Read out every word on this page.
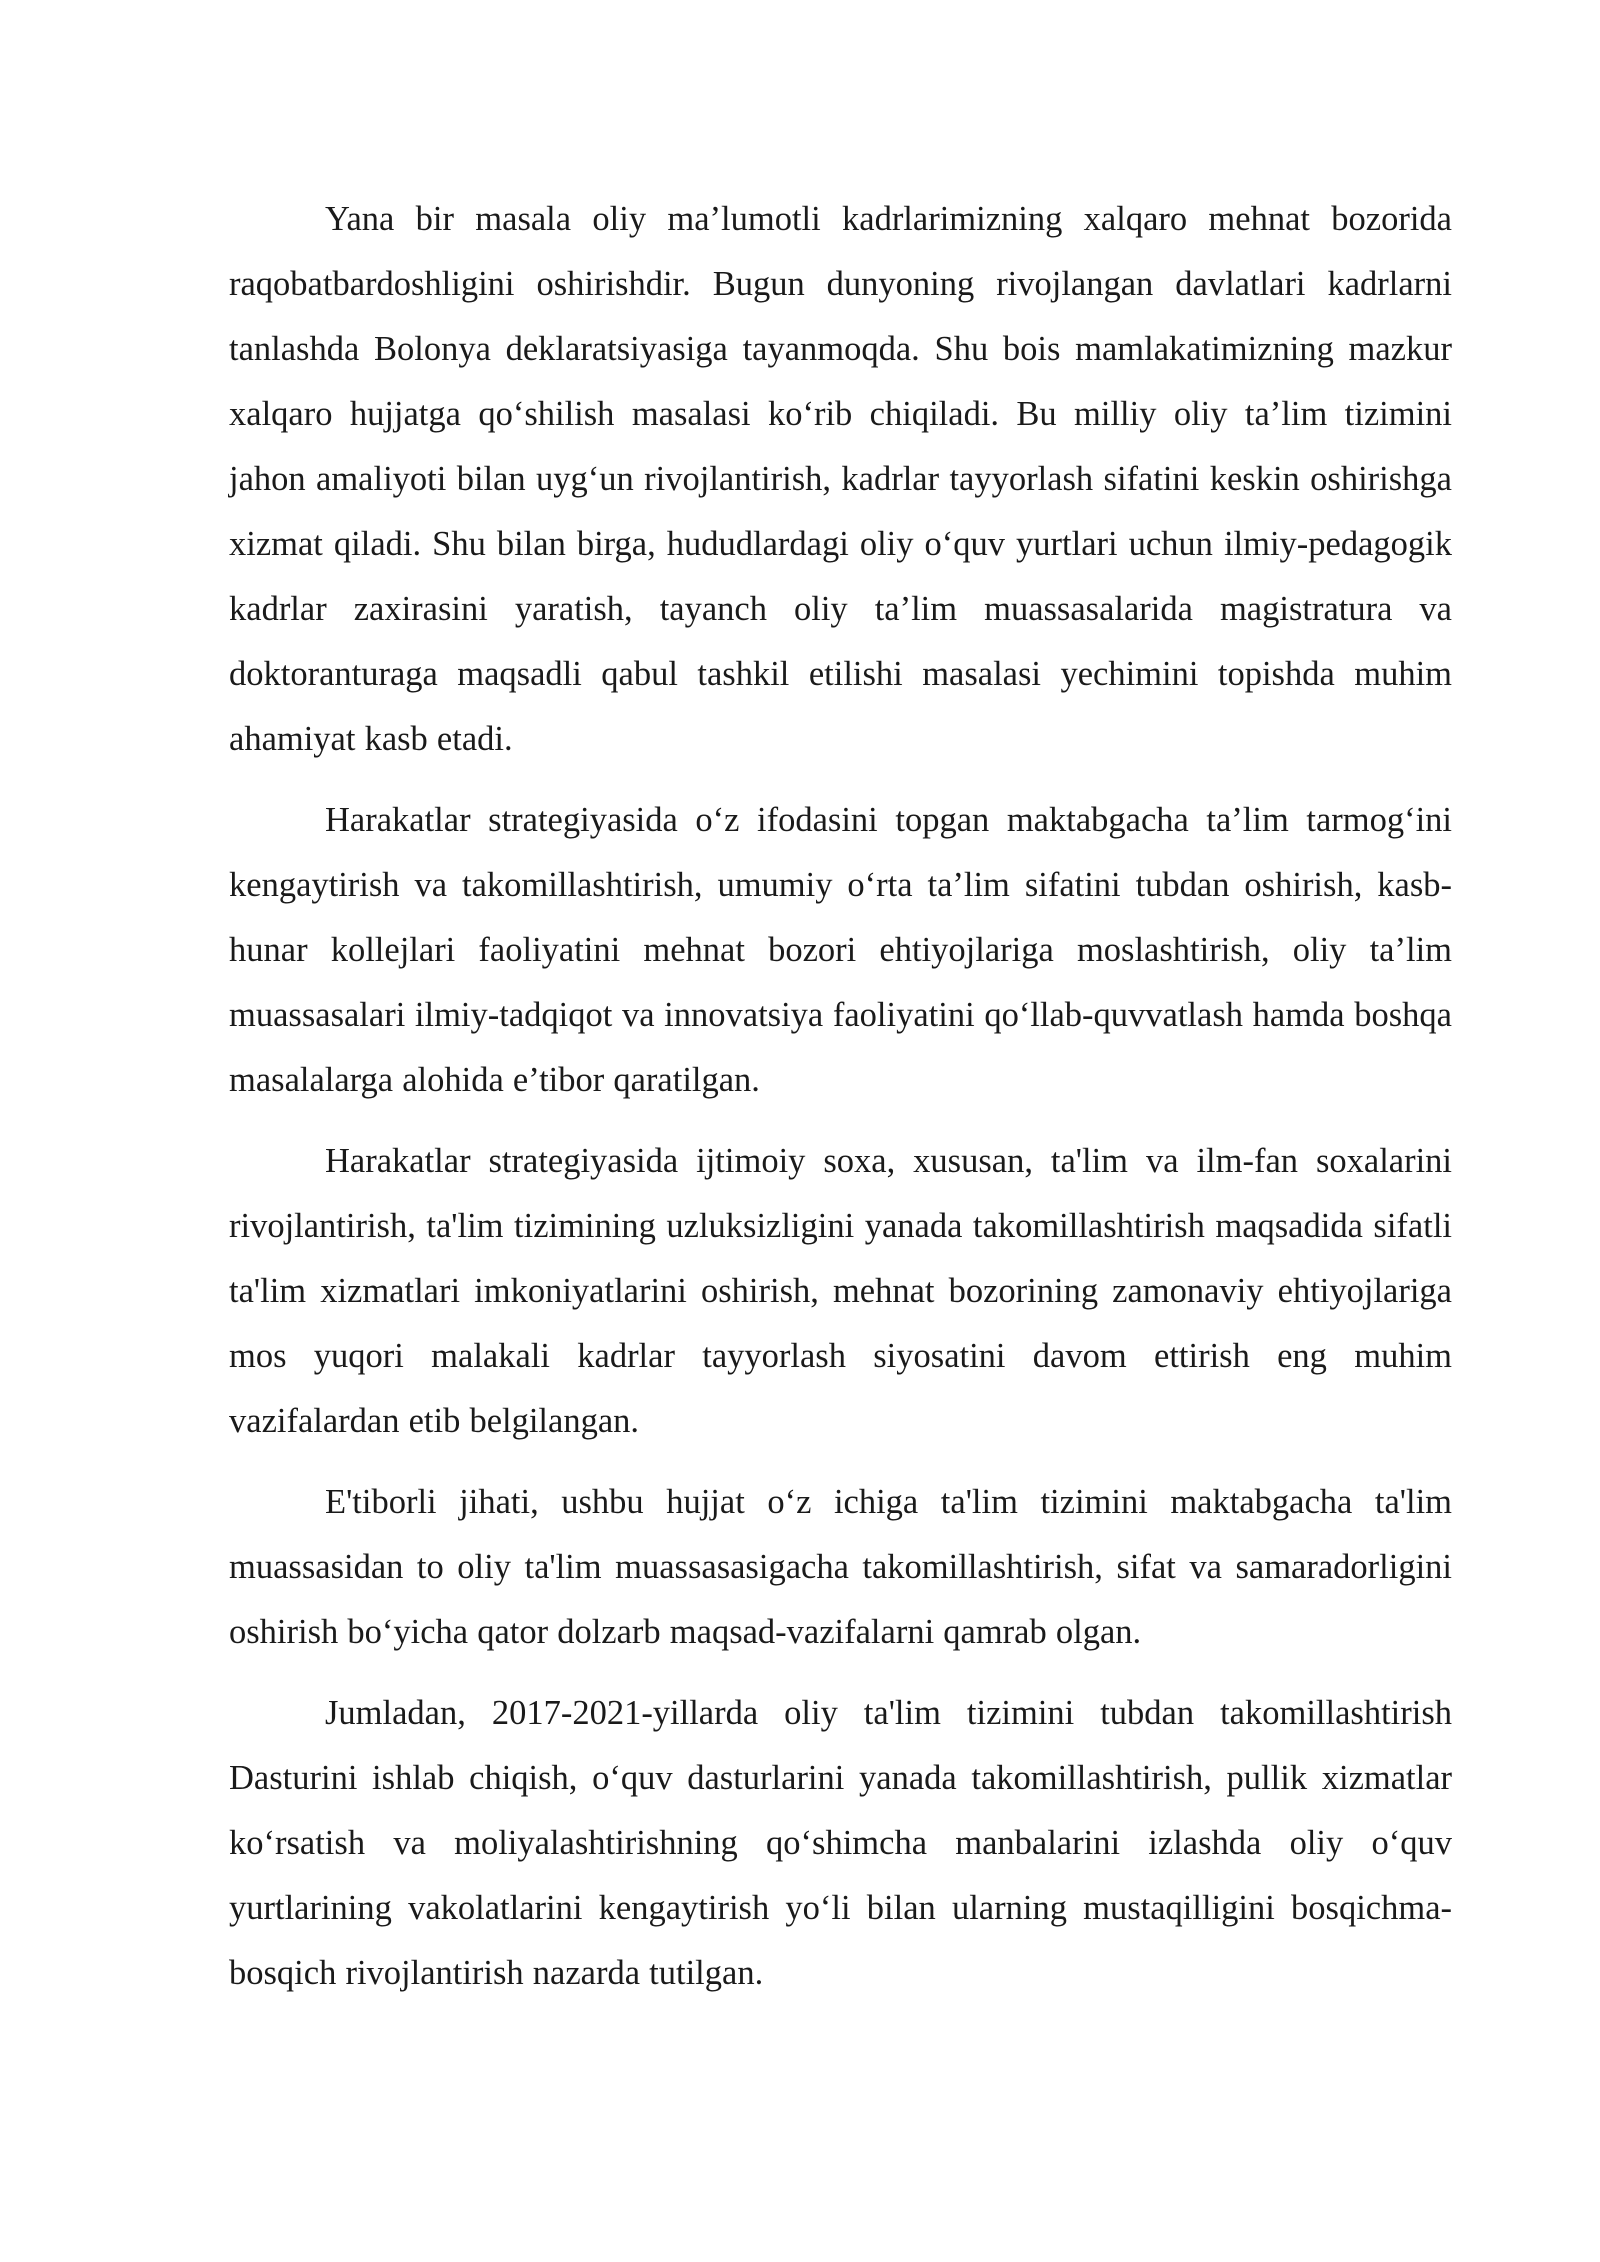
Yana bir masala oliy ma’lumotli kadrlarimizning xalqaro mehnat bozorida raqobatbardoshligini oshirishdir. Bugun dunyoning rivojlangan davlatlari kadrlarni tanlashda Bolonya deklaratsiyasiga tayanmoqda. Shu bois mamlakatimizning mazkur xalqaro hujjatga qo‘shilish masalasi ko‘rib chiqiladi. Bu milliy oliy ta’lim tizimini jahon amaliyoti bilan uyg‘un rivojlantirish, kadrlar tayyorlash sifatini keskin oshirishga xizmat qiladi. Shu bilan birga, hududlardagi oliy o‘quv yurtlari uchun ilmiy-pedagogik kadrlar zaxirasini yaratish, tayanch oliy ta’lim muassasalarida magistratura va doktoranturaga maqsadli qabul tashkil etilishi masalasi yechimini topishda muhim ahamiyat kasb etadi.

Harakatlar strategiyasida o‘z ifodasini topgan maktabgacha ta’lim tarmog‘ini kengaytirish va takomillashtirish, umumiy o‘rta ta’lim sifatini tubdan oshirish, kasb-hunar kollejlari faoliyatini mehnat bozori ehtiyojlariga moslashtirish, oliy ta’lim muassasalari ilmiy-tadqiqot va innovatsiya faoliyatini qo‘llab-quvvatlash hamda boshqa masalalarga alohida e’tibor qaratilgan.

Harakatlar strategiyasida ijtimoiy soxa, xususan, ta'lim va ilm-fan soxalarini rivojlantirish, ta'lim tizimining uzluksizligini yanada takomillashtirish maqsadida sifatli ta'lim xizmatlari imkoniyatlarini oshirish, mehnat bozorining zamonaviy ehtiyojlariga mos yuqori malakali kadrlar tayyorlash siyosatini davom ettirish eng muhim vazifalardan etib belgilangan.

E'tiborli jihati, ushbu hujjat o‘z ichiga ta'lim tizimini maktabgacha ta'lim muassasidan to oliy ta'lim muassasasigacha takomillashtirish, sifat va samaradorligini oshirish bo‘yicha qator dolzarb maqsad-vazifalarni qamrab olgan.

Jumladan, 2017-2021-yillarda oliy ta'lim tizimini tubdan takomillashtirish Dasturini ishlab chiqish, o‘quv dasturlarini yanada takomillashtirish, pullik xizmatlar ko‘rsatish va moliyalashtirishning qo‘shimcha manbalarini izlashda oliy o‘quv yurtlarining vakolatlarini kengaytirish yo‘li bilan ularning mustaqilligini bosqichma-bosqich rivojlantirish nazarda tutilgan.
